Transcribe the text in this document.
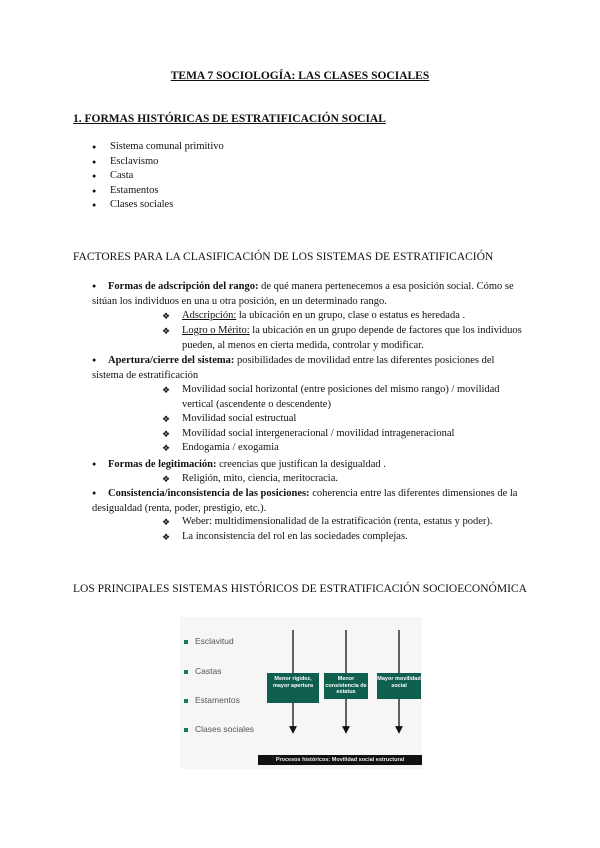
TEMA 7 SOCIOLOGÍA: LAS CLASES SOCIALES
1. FORMAS HISTÓRICAS DE ESTRATIFICACIÓN SOCIAL
● Sistema comunal primitivo
● Esclavismo
● Casta
● Estamentos
● Clases sociales
FACTORES PARA LA CLASIFICACIÓN DE LOS SISTEMAS DE ESTRATIFICACIÓN
● Formas de adscripción del rango: de qué manera pertenecemos a esa posición social. Cómo se sitúan los individuos en una u otra posición, en un determinado rango.
❖ Adscripción: la ubicación en un grupo, clase o estatus es heredada .
❖ Logro o Mérito: la ubicación en un grupo depende de factores que los individuos pueden, al menos en cierta medida, controlar y modificar.
● Apertura/cierre del sistema: posibilidades de movilidad entre las diferentes posiciones del sistema de estratificación
❖ Movilidad social horizontal (entre posiciones del mismo rango) / movilidad vertical (ascendente o descendente)
❖ Movilidad social estructual
❖ Movilidad social intergeneracional / movilidad intrageneracional
❖ Endogamia / exogamia
● Formas de legitimación: creencias que justifican la desigualdad .
❖ Religión, mito, ciencia, meritocracia.
● Consistencia/inconsistencia de las posiciones: coherencia entre las diferentes dimensiones de la desigualdad (renta, poder, prestigio, etc.).
❖ Weber: multidimensionalidad de la estratificación (renta, estatus y poder).
❖ La inconsistencia del rol en las sociedades complejas.
LOS PRINCIPALES SISTEMAS HISTÓRICOS DE ESTRATIFICACIÓN SOCIOECONÓMICA
Esclavitud
Castas
Estamentos
Clases sociales
Menor rigidez, mayor apertura
Menor consistencia de estatus
Mayor movilidad social
Procesos históricos: Movilidad social estructural
